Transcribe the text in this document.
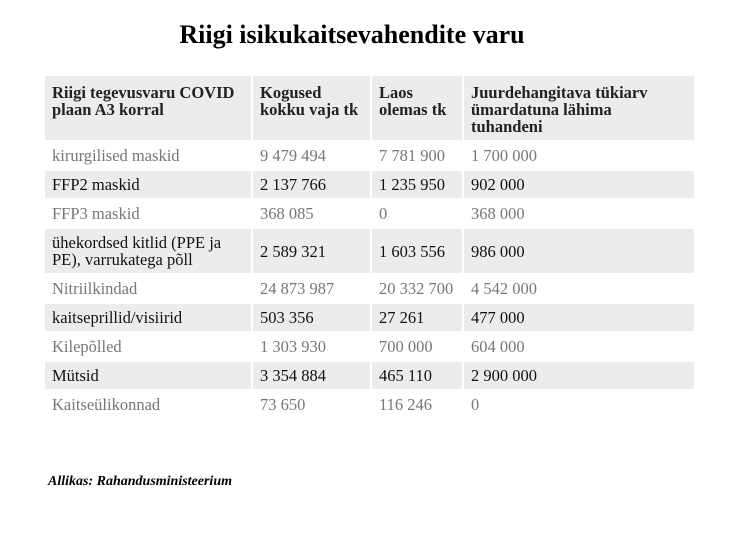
Riigi isikukaitsevahendite varu
Riigi tegevusvaru COVID plaan A3 korral	Kogused kokku vaja tk	Laos olemas tk	Juurdehangitava tükiarv ümardatuna lähima tuhandeni
kirurgilised maskid	9 479 494	7 781 900	1 700 000
FFP2 maskid	2 137 766	1 235 950	902 000
FFP3 maskid	368 085	0	368 000
ühekordsed kitlid (PPE ja PE), varrukatega põll	2 589 321	1 603 556	986 000
Nitriilkindad	24 873 987	20 332 700	4 542 000
kaitseprillid/visiirid	503 356	27 261	477 000
Kilepõlled	1 303 930	700 000	604 000
Mütsid	3 354 884	465 110	2 900 000
Kaitseülikonnad	73 650	116 246	0
Allikas: Rahandusministeerium
